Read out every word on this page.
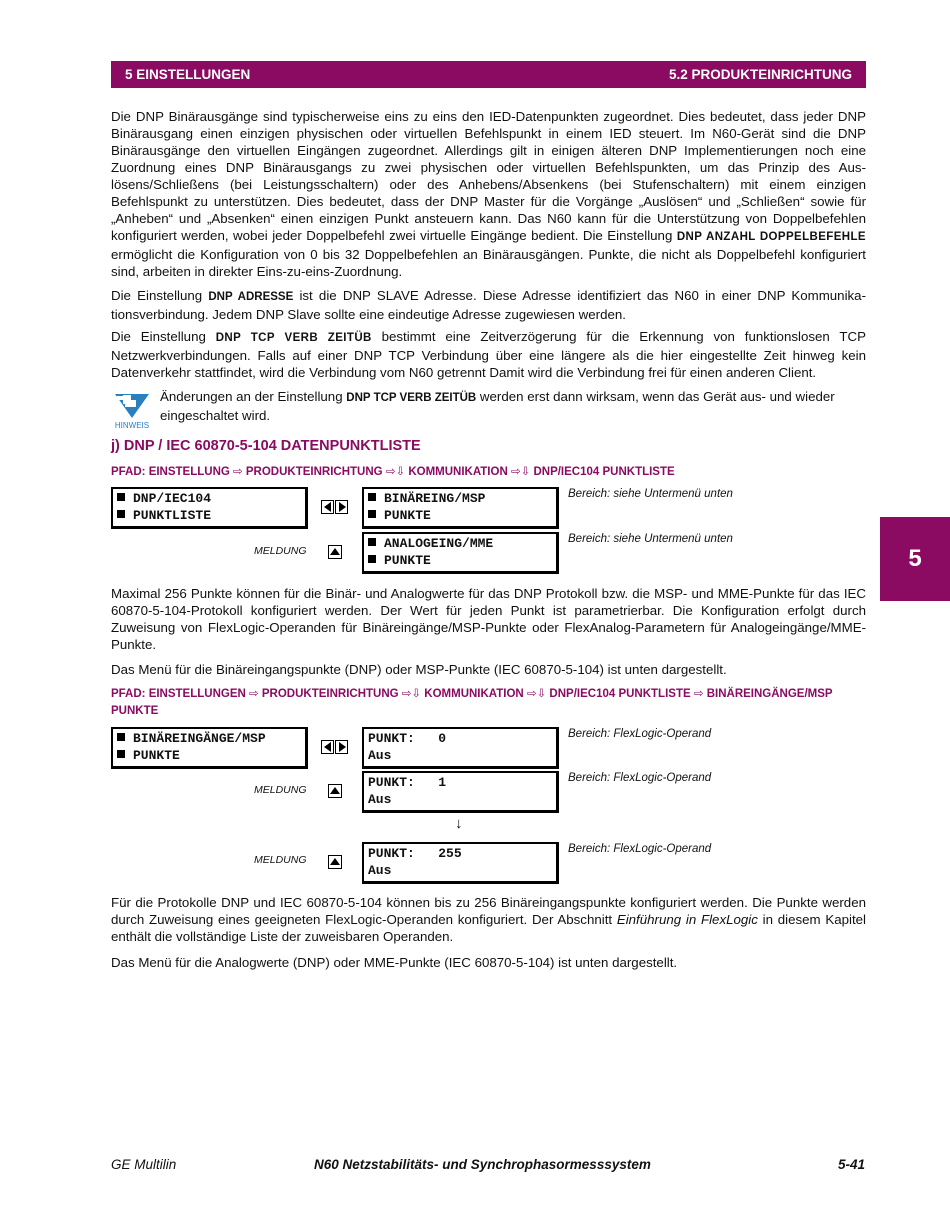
5 EINSTELLUNGEN	5.2 PRODUKTEINRICHTUNG
5

Die DNP Binärausgänge sind typischerweise eins zu eins den IED-Datenpunkten zugeordnet. Dies bedeutet, dass jeder DNP Binärausgang einen einzigen physischen oder virtuellen Befehlspunkt in einem IED steuert. Im N60-Gerät sind die DNP Binärausgänge den virtuellen Eingängen zugeordnet. Allerdings gilt in einigen älteren DNP Implementierungen noch eine Zuordnung eines DNP Binärausgangs zu zwei physischen oder virtuellen Befehlspunkten, um das Prinzip des Auslösens/Schließens (bei Leistungsschaltern) oder des Anhebens/Absenkens (bei Stufenschaltern) mit einem einzigen Befehlspunkt zu unterstützen. Dies bedeutet, dass der DNP Master für die Vorgänge „Auslösen“ und „Schließen“ sowie für „Anheben“ und „Absenken“ einen einzigen Punkt ansteuern kann. Das N60 kann für die Unterstützung von Doppelbefehlen konfiguriert werden, wobei jeder Doppelbefehl zwei virtuelle Eingänge bedient. Die Einstellung DNP ANZAHL DOPPELBEFEHLE ermöglicht die Konfiguration von 0 bis 32 Doppelbefehlen an Binärausgängen. Punkte, die nicht als Doppelbefehl konfiguriert sind, arbeiten in direkter Eins-zu-eins-Zuordnung.

Die Einstellung DNP ADRESSE ist die DNP SLAVE Adresse. Diese Adresse identifiziert das N60 in einer DNP Kommunikationsverbindung. Jedem DNP Slave sollte eine eindeutige Adresse zugewiesen werden.

Die Einstellung DNP TCP VERB ZEITÜB bestimmt eine Zeitverzögerung für die Erkennung von funktionslosen TCP Netzwerkverbindungen. Falls auf einer DNP TCP Verbindung über eine längere als die hier eingestellte Zeit hinweg kein Datenverkehr stattfindet, wird die Verbindung vom N60 getrennt Damit wird die Verbindung frei für einen anderen Client.

HINWEIS

Änderungen an der Einstellung DNP TCP VERB ZEITÜB werden erst dann wirksam, wenn das Gerät aus- und wieder eingeschaltet wird.

j) DNP / IEC 60870-5-104 DATENPUNKTLISTE
PFAD: EINSTELLUNG ⇨ PRODUKTEINRICHTUNG ⇨⇩ KOMMUNIKATION ⇨⇩ DNP/IEC104 PUNKTLISTE
DNP/IEC104
PUNKTLISTE
BINÄREING/MSP
PUNKTE
Bereich: siehe Untermenü unten
MELDUNG	ANALOGEING/MME
PUNKTE
Bereich: siehe Untermenü unten

Maximal 256 Punkte können für die Binär- und Analogwerte für das DNP Protokoll bzw. die MSP- und MME-Punkte für das IEC 60870-5-104-Protokoll konfiguriert werden. Der Wert für jeden Punkt ist parametrierbar. Die Konfiguration erfolgt durch Zuweisung von FlexLogic-Operanden für Binäreingänge/MSP-Punkte oder FlexAnalog-Parametern für Analogeingänge/MME-Punkte.

Das Menü für die Binäreingangspunkte (DNP) oder MSP-Punkte (IEC 60870-5-104) ist unten dargestellt.

PFAD: EINSTELLUNGEN ⇨ PRODUKTEINRICHTUNG ⇨⇩ KOMMUNIKATION ⇨⇩ DNP/IEC104 PUNKTLISTE ⇨ BINÄREINGÄNGE/MSP PUNKTE
BINÄREINGÄNGE/MSP
PUNKTE
PUNKT:   0
Aus
Bereich: FlexLogic-Operand
MELDUNG	PUNKT:   1
Aus
Bereich: FlexLogic-Operand
↓
MELDUNG	PUNKT:   255
Aus
Bereich: FlexLogic-Operand

Für die Protokolle DNP und IEC 60870-5-104 können bis zu 256 Binäreingangspunkte konfiguriert werden. Die Punkte werden durch Zuweisung eines geeigneten FlexLogic-Operanden konfiguriert. Der Abschnitt Einführung in FlexLogic in diesem Kapitel enthält die vollständige Liste der zuweisbaren Operanden.

Das Menü für die Analogwerte (DNP) oder MME-Punkte (IEC 60870-5-104) ist unten dargestellt.

GE Multilin	N60 Netzstabilitäts- und Synchrophasormesssystem	5-41
